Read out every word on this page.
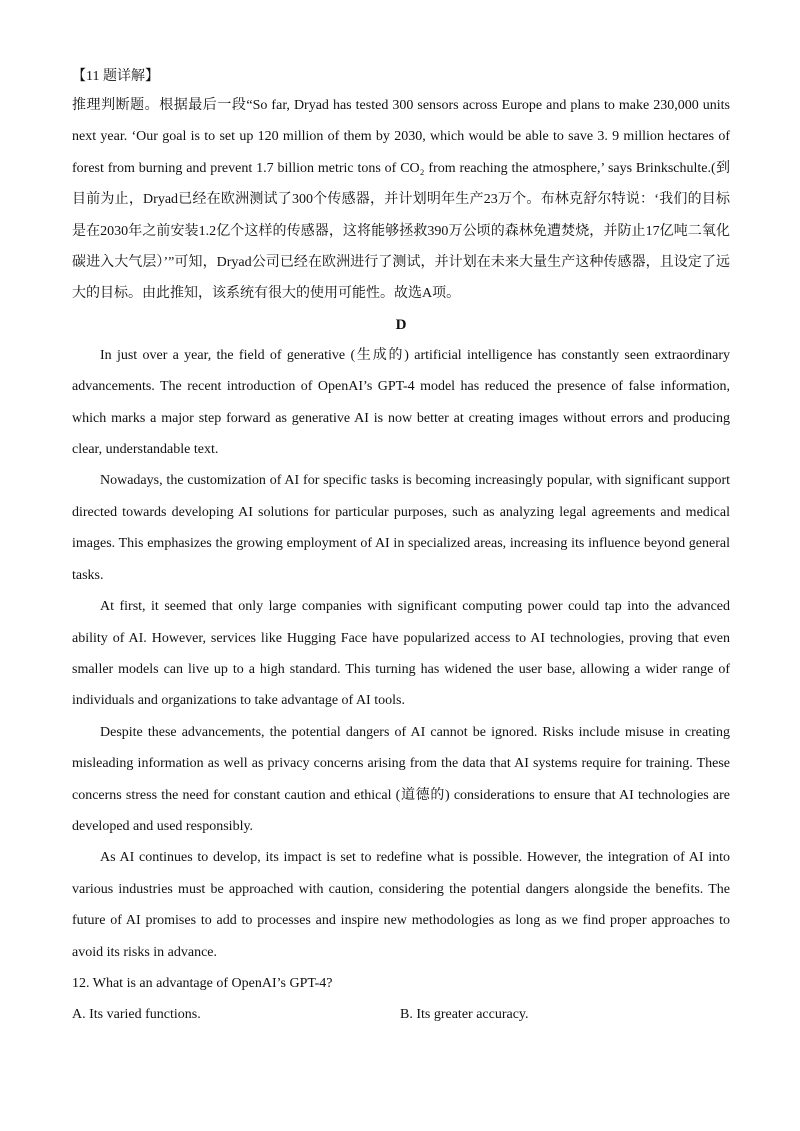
【11 题详解】

推理判断题。根据最后一段“So far, Dryad has tested 300 sensors across Europe and plans to make 230,000 units next year. ‘Our goal is to set up 120 million of them by 2030, which would be able to save 3. 9 million hectares of forest from burning and prevent 1.7 billion metric tons of CO₂ from reaching the atmosphere,’ says Brinkschulte.(到目前为止，Dryad已经在欧洲测试了300个传感器，并计划明年生产23万个。布林克舒尔特说：‘我们的目标是在2030年之前安装1.2亿个这样的传感器，这将能够拯救390万公顷的森林免遭焚烧，并防止17亿吨二氧化碳进入大气层）’”可知，Dryad公司已经在欧洲进行了测试，并计划在未来大量生产这种传感器，且设定了远大的目标。由此推知，该系统有很大的使用可能性。故选A项。

D

In just over a year, the field of generative (生成的) artificial intelligence has constantly seen extraordinary advancements. The recent introduction of OpenAI’s GPT-4 model has reduced the presence of false information, which marks a major step forward as generative AI is now better at creating images without errors and producing clear, understandable text.

Nowadays, the customization of AI for specific tasks is becoming increasingly popular, with significant support directed towards developing AI solutions for particular purposes, such as analyzing legal agreements and medical images. This emphasizes the growing employment of AI in specialized areas, increasing its influence beyond general tasks.

At first, it seemed that only large companies with significant computing power could tap into the advanced ability of AI. However, services like Hugging Face have popularized access to AI technologies, proving that even smaller models can live up to a high standard. This turning has widened the user base, allowing a wider range of individuals and organizations to take advantage of AI tools.

Despite these advancements, the potential dangers of AI cannot be ignored. Risks include misuse in creating misleading information as well as privacy concerns arising from the data that AI systems require for training. These concerns stress the need for constant caution and ethical (道德的) considerations to ensure that AI technologies are developed and used responsibly.

As AI continues to develop, its impact is set to redefine what is possible. However, the integration of AI into various industries must be approached with caution, considering the potential dangers alongside the benefits. The future of AI promises to add to processes and inspire new methodologies as long as we find proper approaches to avoid its risks in advance.

12. What is an advantage of OpenAI’s GPT-4?

A. Its varied functions.	B. Its greater accuracy.
